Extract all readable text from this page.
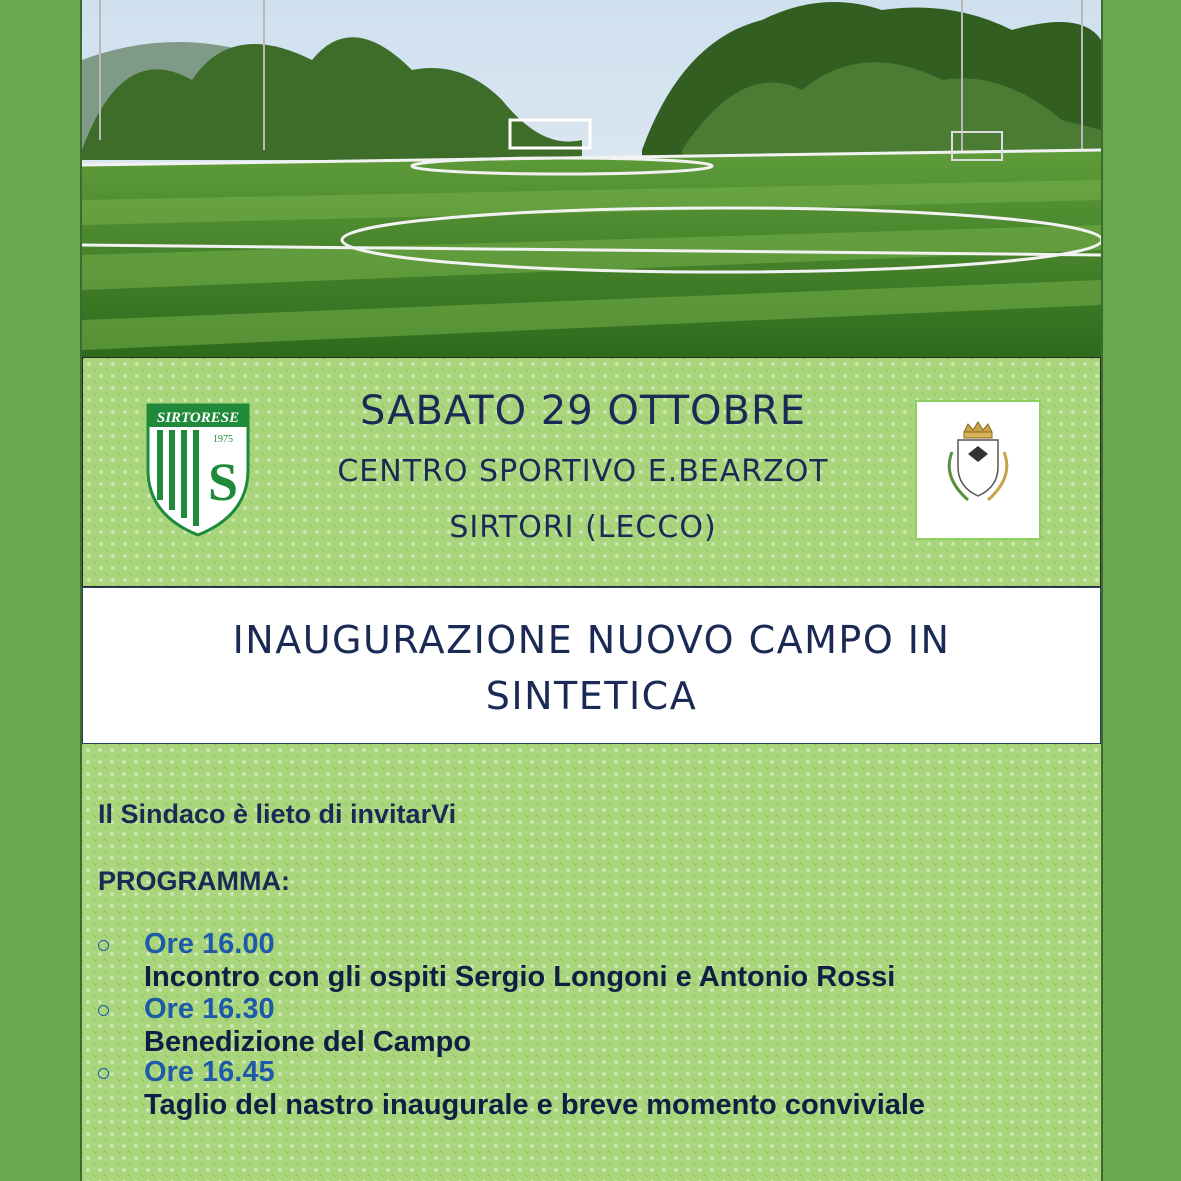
SIRTORESE
1975
S
SABATO 29 OTTOBRE
CENTRO SPORTIVO E.BEARZOT
SIRTORI (LECCO)
INAUGURAZIONE NUOVO CAMPO IN SINTETICA
Il Sindaco è lieto di invitarVi
PROGRAMMA:
Ore 16.00
Incontro con gli ospiti Sergio Longoni e Antonio Rossi
Ore 16.30
Benedizione del Campo
Ore 16.45
Taglio del nastro inaugurale e breve momento conviviale
